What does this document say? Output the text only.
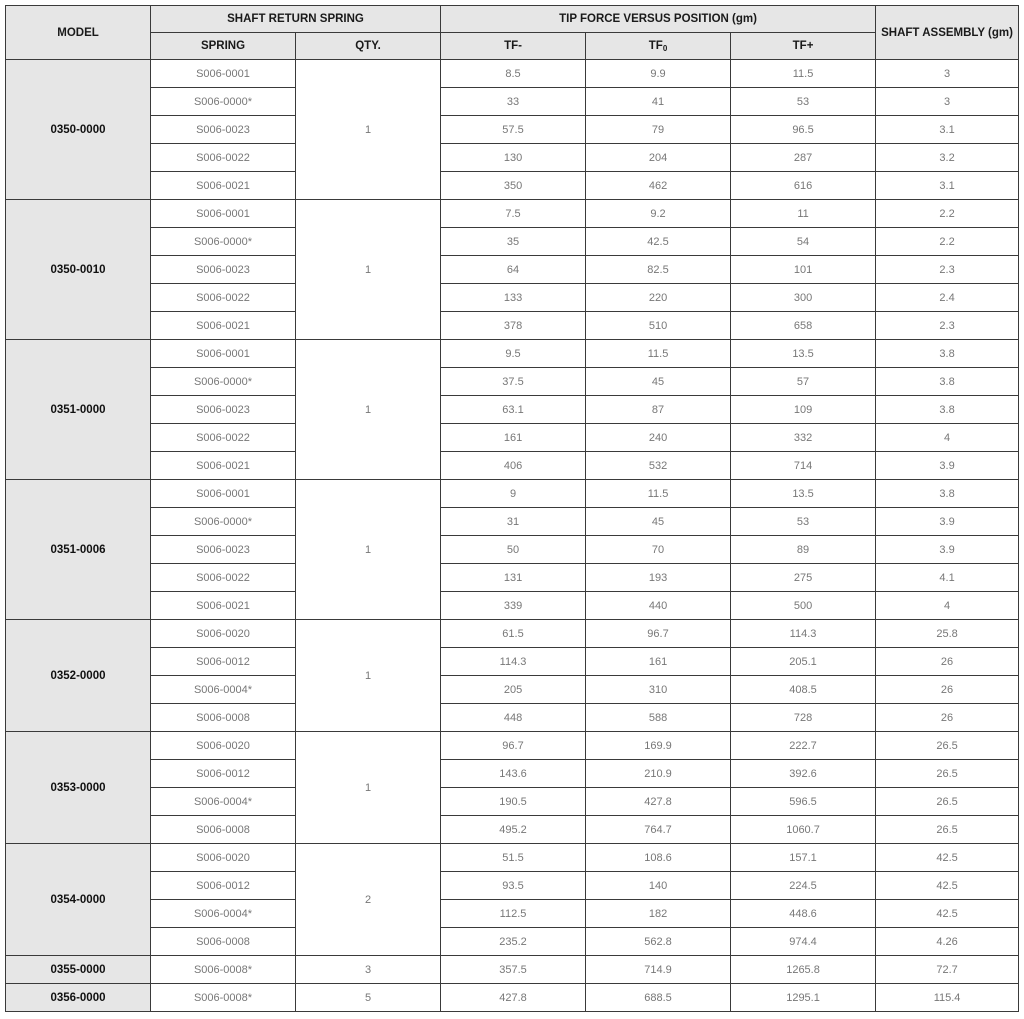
MODEL	SHAFT RETURN SPRING		TIP FORCE VERSUS POSITION (gm)			SHAFT ASSEMBLY (gm)
	SPRING	QTY.	TF-	$TF_0$	TF+	
0350-0000	S006-0001	1	8.5	9.9	11.5	3
	S006-0000*		33	41	53	3
	S006-0023		57.5	79	96.5	3.1
	S006-0022		130	204	287	3.2
	S006-0021		350	462	616	3.1
0350-0010	S006-0001	1	7.5	9.2	11	2.2
	S006-0000*		35	42.5	54	2.2
	S006-0023		64	82.5	101	2.3
	S006-0022		133	220	300	2.4
	S006-0021		378	510	658	2.3
0351-0000	S006-0001	1	9.5	11.5	13.5	3.8
	S006-0000*		37.5	45	57	3.8
	S006-0023		63.1	87	109	3.8
	S006-0022		161	240	332	4
	S006-0021		406	532	714	3.9
0351-0006	S006-0001	1	9	11.5	13.5	3.8
	S006-0000*		31	45	53	3.9
	S006-0023		50	70	89	3.9
	S006-0022		131	193	275	4.1
	S006-0021		339	440	500	4
0352-0000	S006-0020	1	61.5	96.7	114.3	25.8
	S006-0012		114.3	161	205.1	26
	S006-0004*		205	310	408.5	26
	S006-0008		448	588	728	26
0353-0000	S006-0020	1	96.7	169.9	222.7	26.5
	S006-0012		143.6	210.9	392.6	26.5
	S006-0004*		190.5	427.8	596.5	26.5
	S006-0008		495.2	764.7	1060.7	26.5
0354-0000	S006-0020	2	51.5	108.6	157.1	42.5
	S006-0012		93.5	140	224.5	42.5
	S006-0004*		112.5	182	448.6	42.5
	S006-0008		235.2	562.8	974.4	4.26
0355-0000	S006-0008*	3	357.5	714.9	1265.8	72.7
0356-0000	S006-0008*	5	427.8	688.5	1295.1	115.4
